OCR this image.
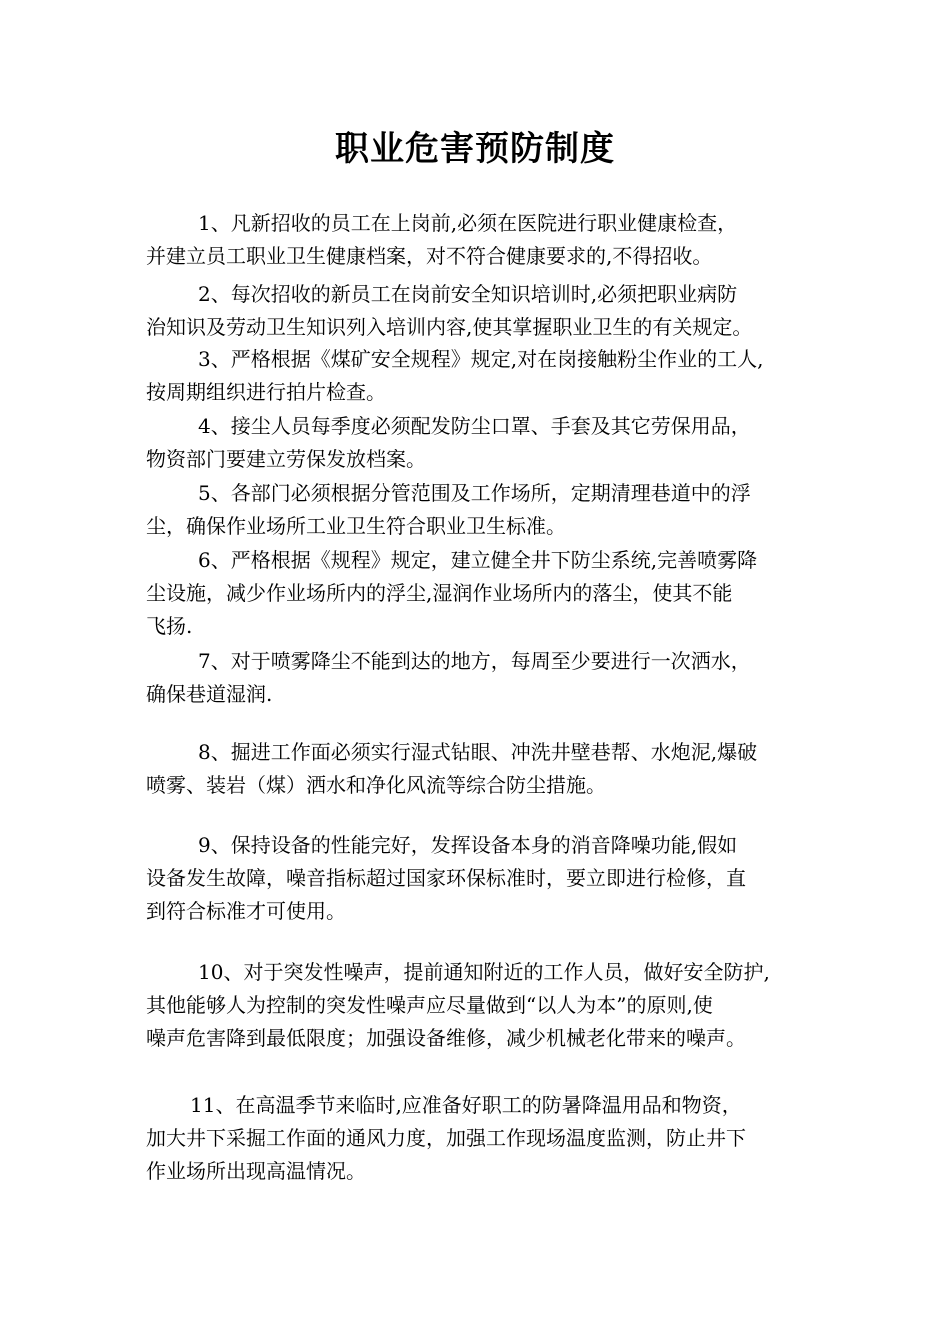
职业危害预防制度
1、凡新招收的员工在上岗前,必须在医院进行职业健康检查，
并建立员工职业卫生健康档案，对不符合健康要求的,不得招收。
2、每次招收的新员工在岗前安全知识培训时,必须把职业病防
治知识及劳动卫生知识列入培训内容,使其掌握职业卫生的有关规定。
3、严格根据《煤矿安全规程》规定,对在岗接触粉尘作业的工人,
按周期组织进行拍片检查。
4、接尘人员每季度必须配发防尘口罩、手套及其它劳保用品，
物资部门要建立劳保发放档案。
5、各部门必须根据分管范围及工作场所，定期清理巷道中的浮
尘，确保作业场所工业卫生符合职业卫生标准。
6、严格根据《规程》规定，建立健全井下防尘系统,完善喷雾降
尘设施，减少作业场所内的浮尘,湿润作业场所内的落尘，使其不能
飞扬.
7、对于喷雾降尘不能到达的地方，每周至少要进行一次洒水，
确保巷道湿润.
8、掘进工作面必须实行湿式钻眼、冲洗井壁巷帮、水炮泥,爆破
喷雾、装岩（煤）洒水和净化风流等综合防尘措施。
9、保持设备的性能完好，发挥设备本身的消音降噪功能,假如
设备发生故障，噪音指标超过国家环保标准时，要立即进行检修，直
到符合标准才可使用。
10、对于突发性噪声，提前通知附近的工作人员，做好安全防护,
其他能够人为控制的突发性噪声应尽量做到“以人为本”的原则,使
噪声危害降到最低限度；加强设备维修，减少机械老化带来的噪声。
11、在高温季节来临时,应准备好职工的防暑降温用品和物资，
加大井下采掘工作面的通风力度，加强工作现场温度监测，防止井下
作业场所出现高温情况。
